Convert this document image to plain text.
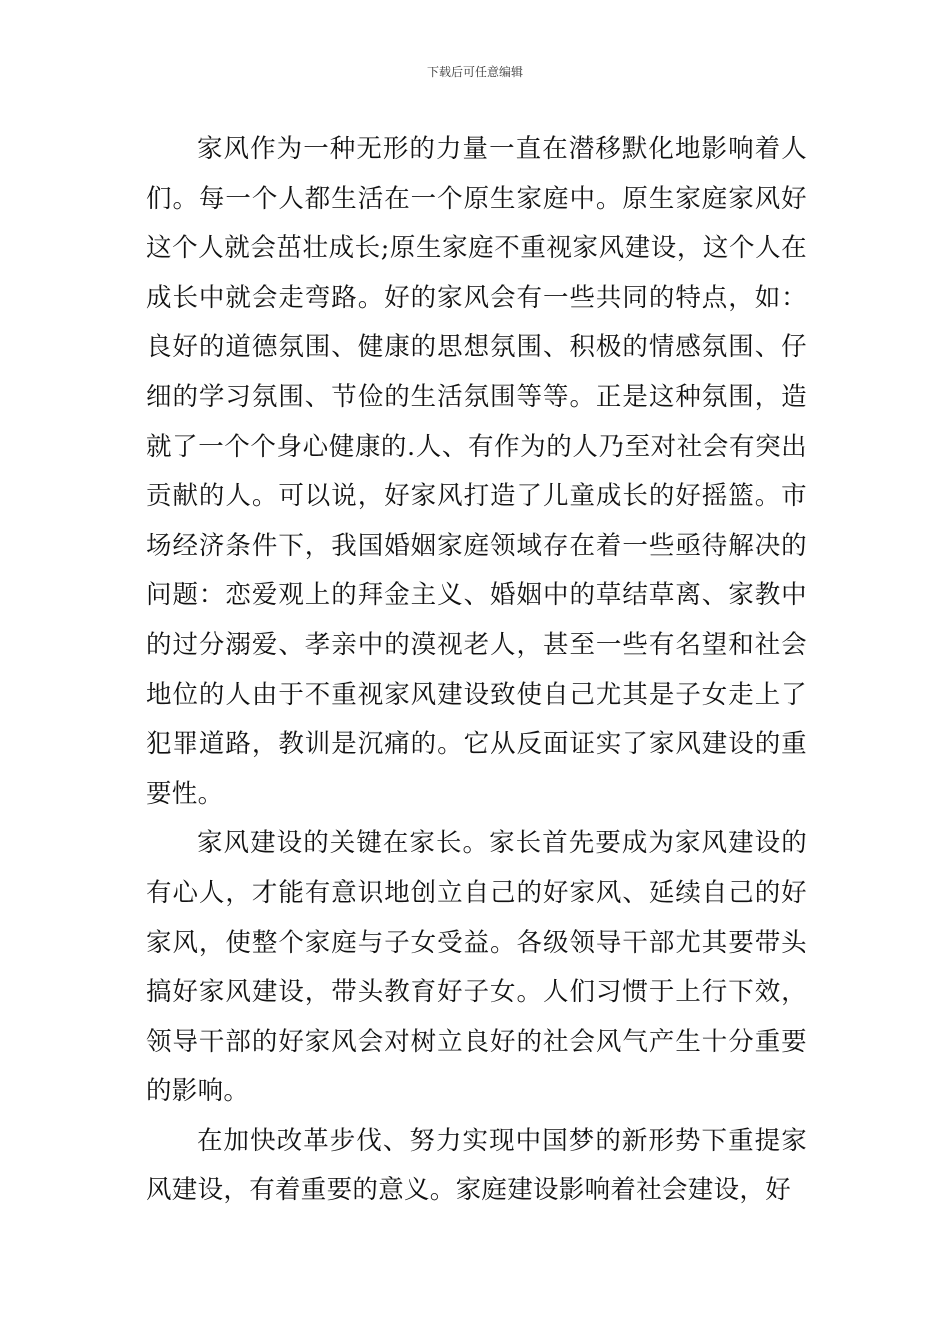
下载后可任意编辑

家风作为一种无形的力量一直在潜移默化地影响着人们。每一个人都生活在一个原生家庭中。原生家庭家风好这个人就会茁壮成长;原生家庭不重视家风建设，这个人在成长中就会走弯路。好的家风会有一些共同的特点，如：良好的道德氛围、健康的思想氛围、积极的情感氛围、仔细的学习氛围、节俭的生活氛围等等。正是这种氛围，造就了一个个身心健康的.人、有作为的人乃至对社会有突出贡献的人。可以说，好家风打造了儿童成长的好摇篮。市场经济条件下，我国婚姻家庭领域存在着一些亟待解决的问题：恋爱观上的拜金主义、婚姻中的草结草离、家教中的过分溺爱、孝亲中的漠视老人，甚至一些有名望和社会地位的人由于不重视家风建设致使自己尤其是子女走上了犯罪道路，教训是沉痛的。它从反面证实了家风建设的重要性。

家风建设的关键在家长。家长首先要成为家风建设的有心人，才能有意识地创立自己的好家风、延续自己的好家风，使整个家庭与子女受益。各级领导干部尤其要带头搞好家风建设，带头教育好子女。人们习惯于上行下效，领导干部的好家风会对树立良好的社会风气产生十分重要的影响。

在加快改革步伐、努力实现中国梦的新形势下重提家风建设，有着重要的意义。家庭建设影响着社会建设，好
